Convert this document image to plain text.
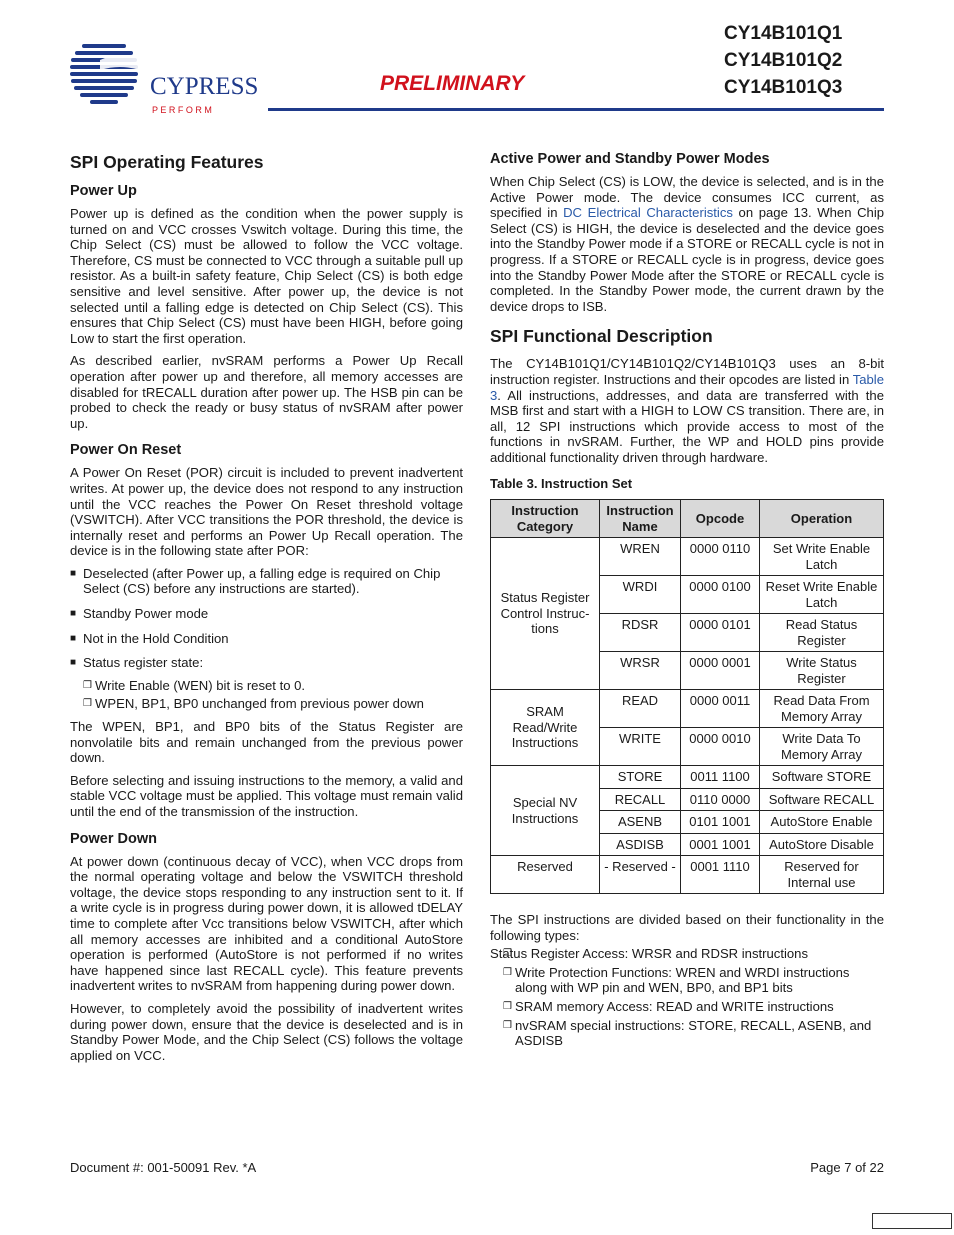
CYPRESS
P E R F O R M
PRELIMINARY
CY14B101Q1
CY14B101Q2
CY14B101Q3
SPI Operating Features
Power Up

Power up is defined as the condition when the power supply is turned on and VCC crosses Vswitch voltage. During this time, the Chip Select (CS) must be allowed to follow the VCC voltage. Therefore, CS must be connected to VCC through a suitable pull up resistor. As a built-in safety feature, Chip Select (CS) is both edge sensitive and level sensitive. After power up, the device is not selected until a falling edge is detected on Chip Select (CS). This ensures that Chip Select (CS) must have been HIGH, before going Low to start the first operation.

As described earlier, nvSRAM performs a Power Up Recall operation after power up and therefore, all memory accesses are disabled for tRECALL duration after power up. The HSB pin can be probed to check the ready or busy status of nvSRAM after power up.

Power On Reset

A Power On Reset (POR) circuit is included to prevent inadvertent writes. At power up, the device does not respond to any instruction until the VCC reaches the Power On Reset threshold voltage (VSWITCH). After VCC transitions the POR threshold, the device is internally reset and performs an Power Up Recall operation. The device is in the following state after POR:

■ Deselected (after Power up, a falling edge is required on Chip Select (CS) before any instructions are started).
■ Standby Power mode
■ Not in the Hold Condition
■ Status register state:
❒ Write Enable (WEN) bit is reset to 0.
❒ WPEN, BP1, BP0 unchanged from previous power down

The WPEN, BP1, and BP0 bits of the Status Register are nonvolatile bits and remain unchanged from the previous power down.

Before selecting and issuing instructions to the memory, a valid and stable VCC voltage must be applied. This voltage must remain valid until the end of the transmission of the instruction.

Power Down

At power down (continuous decay of VCC), when VCC drops from the normal operating voltage and below the VSWITCH threshold voltage, the device stops responding to any instruction sent to it. If a write cycle is in progress during power down, it is allowed tDELAY time to complete after Vcc transitions below VSWITCH, after which all memory accesses are inhibited and a conditional AutoStore operation is performed (AutoStore is not performed if no writes have happened since last RECALL cycle). This feature prevents inadvertent writes to nvSRAM from happening during power down.

However, to completely avoid the possibility of inadvertent writes during power down, ensure that the device is deselected and is in Standby Power Mode, and the Chip Select (CS) follows the voltage applied on VCC.

Active Power and Standby Power Modes

When Chip Select (CS) is LOW, the device is selected, and is in the Active Power mode. The device consumes ICC current, as specified in DC Electrical Characteristics on page 13. When Chip Select (CS) is HIGH, the device is deselected and the device goes into the Standby Power mode if a STORE or RECALL cycle is not in progress. If a STORE or RECALL cycle is in progress, device goes into the Standby Power Mode after the STORE or RECALL cycle is completed. In the Standby Power mode, the current drawn by the device drops to ISB.

SPI Functional Description

The CY14B101Q1/CY14B101Q2/CY14B101Q3 uses an 8-bit instruction register. Instructions and their opcodes are listed in Table 3. All instructions, addresses, and data are transferred with the MSB first and start with a HIGH to LOW CS transition. There are, in all, 12 SPI instructions which provide access to most of the functions in nvSRAM. Further, the WP and HOLD pins provide additional functionality driven through hardware.

Table 3. Instruction Set
Instruction Category	Instruction Name	Opcode	Operation
Status Register Control Instruc-tions	WREN	0000 0110	Set Write Enable Latch
	WRDI	0000 0100	Reset Write Enable Latch
	RDSR	0000 0101	Read Status Register
	WRSR	0000 0001	Write Status Register
SRAM Read/Write Instructions	READ	0000 0011	Read Data From Memory Array
	WRITE	0000 0010	Write Data To Memory Array
Special NV Instructions	STORE	0011 1100	Software STORE
	RECALL	0110 0000	Software RECALL
	ASENB	0101 1001	AutoStore Enable
	ASDISB	0001 1001	AutoStore Disable
Reserved	- Reserved -	0001 1110	Reserved for Internal use

The SPI instructions are divided based on their functionality in the following types:

❒ Status Register Access: WRSR and RDSR instructions
❒ Write Protection Functions: WREN and WRDI instructions along with WP pin and WEN, BP0, and BP1 bits
❒ SRAM memory Access: READ and WRITE instructions
❒ nvSRAM special instructions: STORE, RECALL, ASENB, and ASDISB
Document #: 001-50091 Rev. *A	Page 7 of 22
